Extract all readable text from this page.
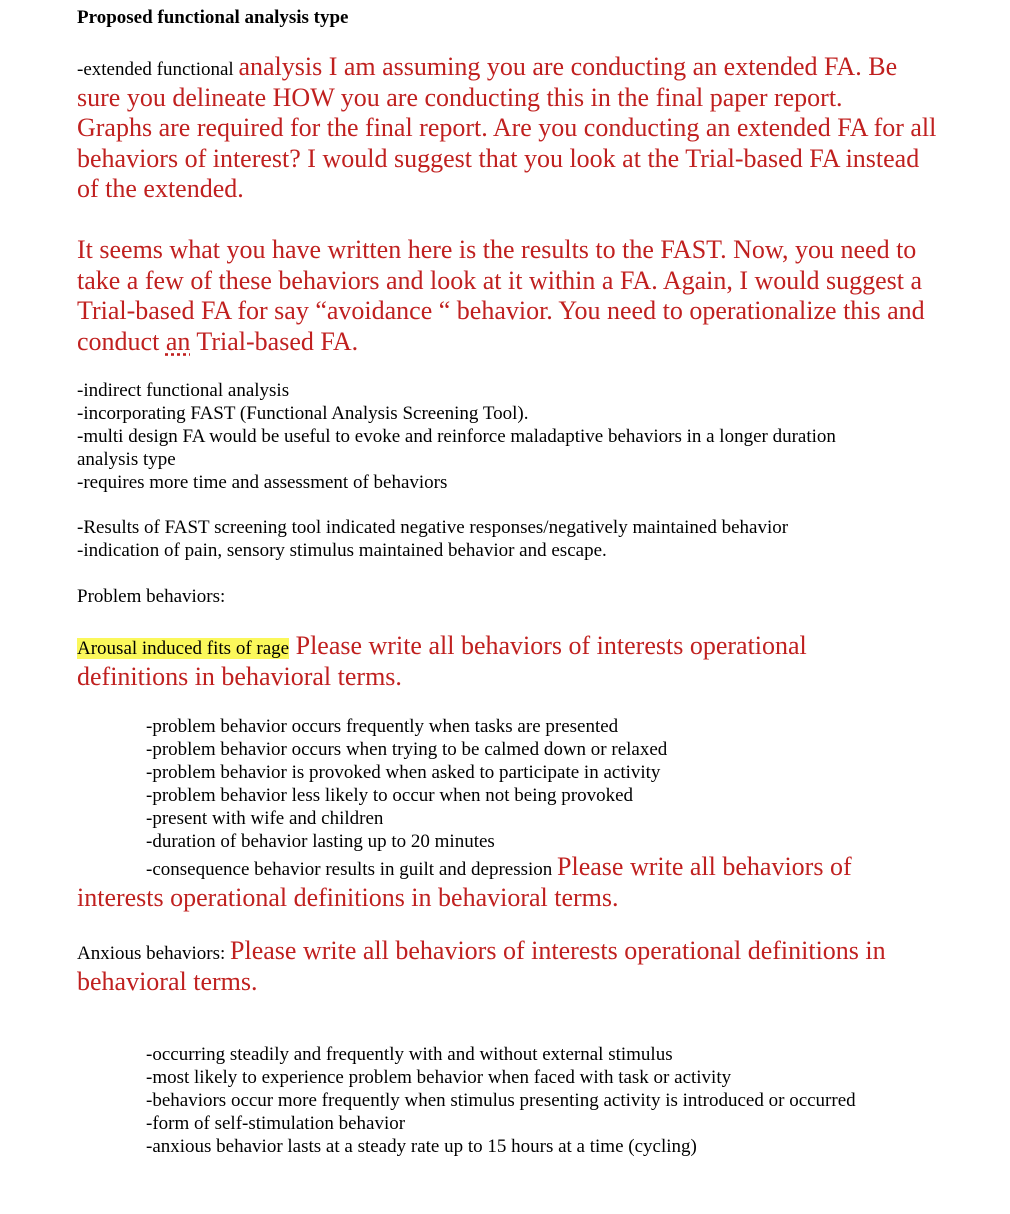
Proposed functional analysis type
-extended functional analysis I am assuming you are conducting an extended FA. Be
sure you delineate HOW you are conducting this in the final paper report.
Graphs are required for the final report. Are you conducting an extended FA for all
behaviors of interest? I would suggest that you look at the Trial-based FA instead
of the extended.
It seems what you have written here is the results to the FAST. Now, you need to
take a few of these behaviors and look at it within a FA. Again, I would suggest a
Trial-based FA for say “avoidance “ behavior. You need to operationalize this and
conduct an Trial-based FA.
-indirect functional analysis
-incorporating FAST (Functional Analysis Screening Tool).
-multi design FA would be useful to evoke and reinforce maladaptive behaviors in a longer duration
analysis type
-requires more time and assessment of behaviors
-Results of FAST screening tool indicated negative responses/negatively maintained behavior
-indication of pain, sensory stimulus maintained behavior and escape.
Problem behaviors:
Arousal induced fits of rage Please write all behaviors of interests operational
definitions in behavioral terms.
-problem behavior occurs frequently when tasks are presented
-problem behavior occurs when trying to be calmed down or relaxed
-problem behavior is provoked when asked to participate in activity
-problem behavior less likely to occur when not being provoked
-present with wife and children
-duration of behavior lasting up to 20 minutes
-consequence behavior results in guilt and depression Please write all behaviors of
interests operational definitions in behavioral terms.
Anxious behaviors: Please write all behaviors of interests operational definitions in
behavioral terms.
-occurring steadily and frequently with and without external stimulus
-most likely to experience problem behavior when faced with task or activity
-behaviors occur more frequently when stimulus presenting activity is introduced or occurred
-form of self-stimulation behavior
-anxious behavior lasts at a steady rate up to 15 hours at a time (cycling)
